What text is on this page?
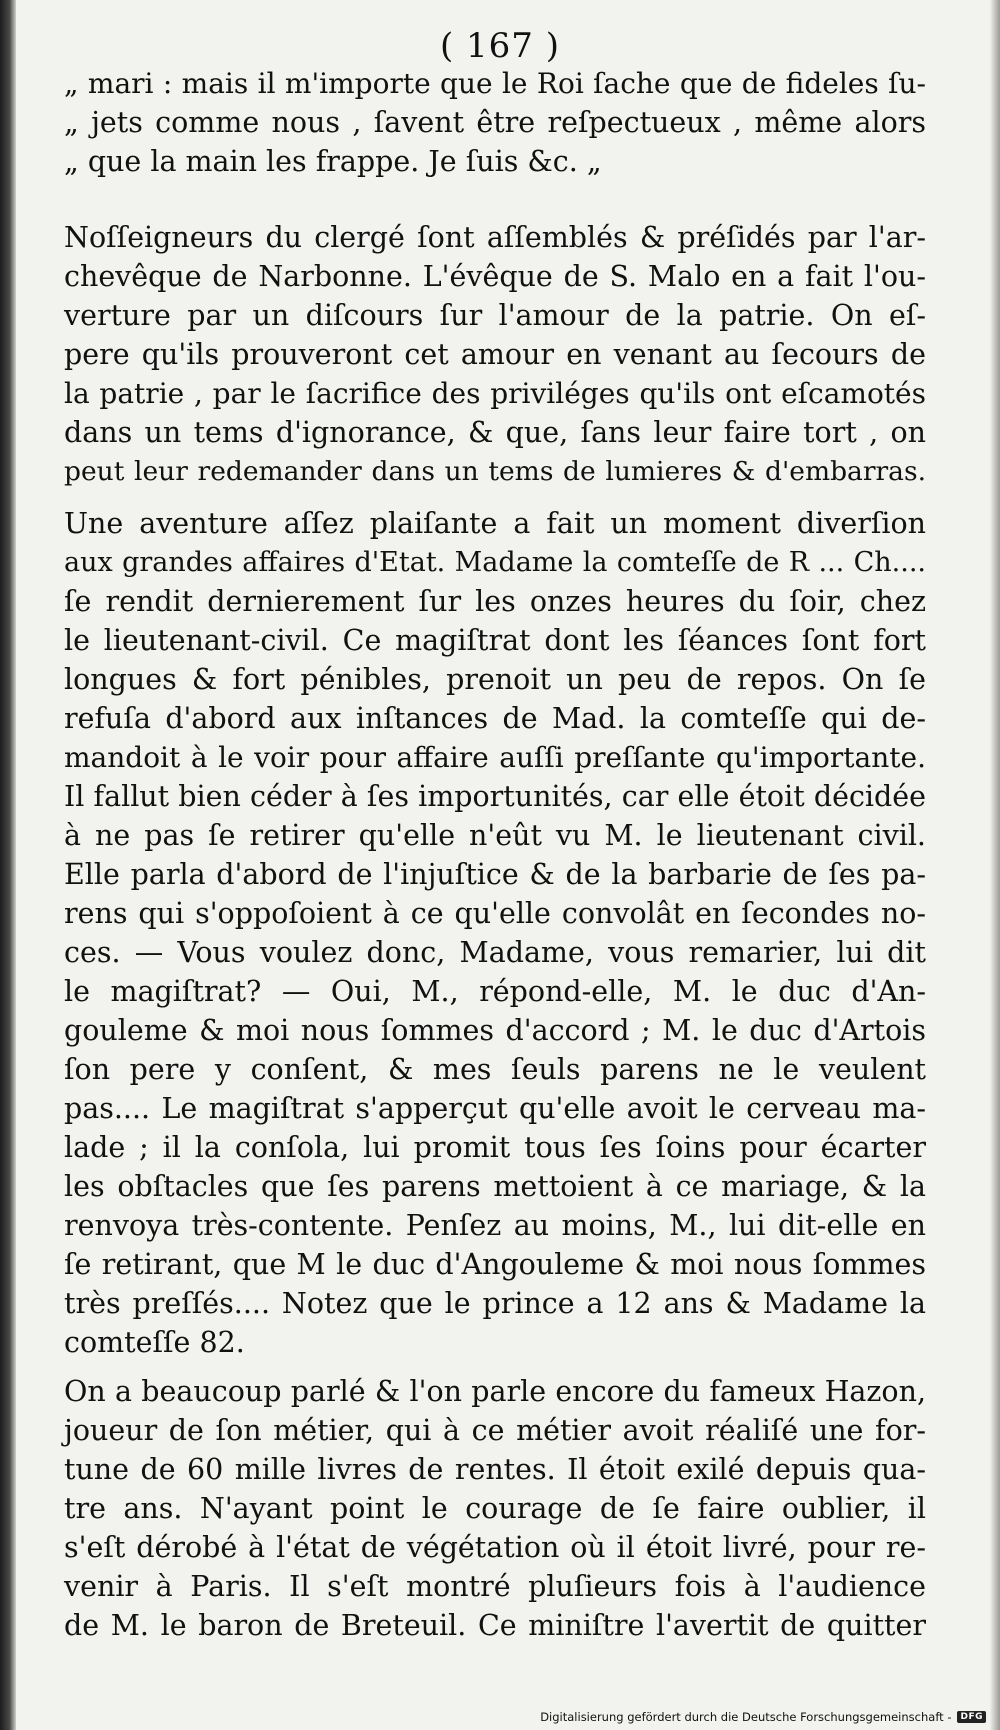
( 167 )
„ mari : mais il m'importe que le Roi ſache que de fideles ſu-
„ jets comme nous , ſavent être reſpectueux , même alors
„ que la main les frappe. Je ſuis &c. „
Noſſeigneurs du clergé ſont aſſemblés & préſidés par l'ar-
chevêque de Narbonne. L'évêque de S. Malo en a fait l'ou-
verture par un diſcours ſur l'amour de la patrie. On eſ-
pere qu'ils prouveront cet amour en venant au ſecours de
la patrie , par le ſacrifice des priviléges qu'ils ont eſcamotés
dans un tems d'ignorance, & que, ſans leur faire tort , on
peut leur redemander dans un tems de lumieres & d'embarras.
Une aventure aſſez plaiſante a fait un moment diverſion
aux grandes affaires d'Etat. Madame la comteſſe de R ... Ch....
ſe rendit dernierement ſur les onzes heures du ſoir, chez
le lieutenant-civil. Ce magiſtrat dont les ſéances ſont fort
longues & fort pénibles, prenoit un peu de repos. On ſe
refuſa d'abord aux inſtances de Mad. la comteſſe qui de-
mandoit à le voir pour affaire auſſi preſſante qu'importante.
Il fallut bien céder à ſes importunités, car elle étoit décidée
à ne pas ſe retirer qu'elle n'eût vu M. le lieutenant civil.
Elle parla d'abord de l'injuſtice & de la barbarie de ſes pa-
rens qui s'oppoſoient à ce qu'elle convolât en ſecondes no-
ces. — Vous voulez donc, Madame, vous remarier, lui dit
le magiſtrat? — Oui, M., répond-elle, M. le duc d'An-
gouleme & moi nous ſommes d'accord ; M. le duc d'Artois
ſon pere y conſent, & mes ſeuls parens ne le veulent
pas.... Le magiſtrat s'apperçut qu'elle avoit le cerveau ma-
lade ; il la conſola, lui promit tous ſes ſoins pour écarter
les obſtacles que ſes parens mettoient à ce mariage, & la
renvoya très-contente. Penſez au moins, M., lui dit-elle en
ſe retirant, que M le duc d'Angouleme & moi nous ſommes
très preſſés.... Notez que le prince a 12 ans & Madame la
comteſſe 82.
On a beaucoup parlé & l'on parle encore du fameux Hazon,
joueur de ſon métier, qui à ce métier avoit réaliſé une for-
tune de 60 mille livres de rentes. Il étoit exilé depuis qua-
tre ans. N'ayant point le courage de ſe faire oublier, il
s'eſt dérobé à l'état de végétation où il étoit livré, pour re-
venir à Paris. Il s'eſt montré pluſieurs fois à l'audience
de M. le baron de Breteuil. Ce miniſtre l'avertit de quitter
Digitalisierung gefördert durch die Deutsche Forschungsgemeinschaft -	DFG
